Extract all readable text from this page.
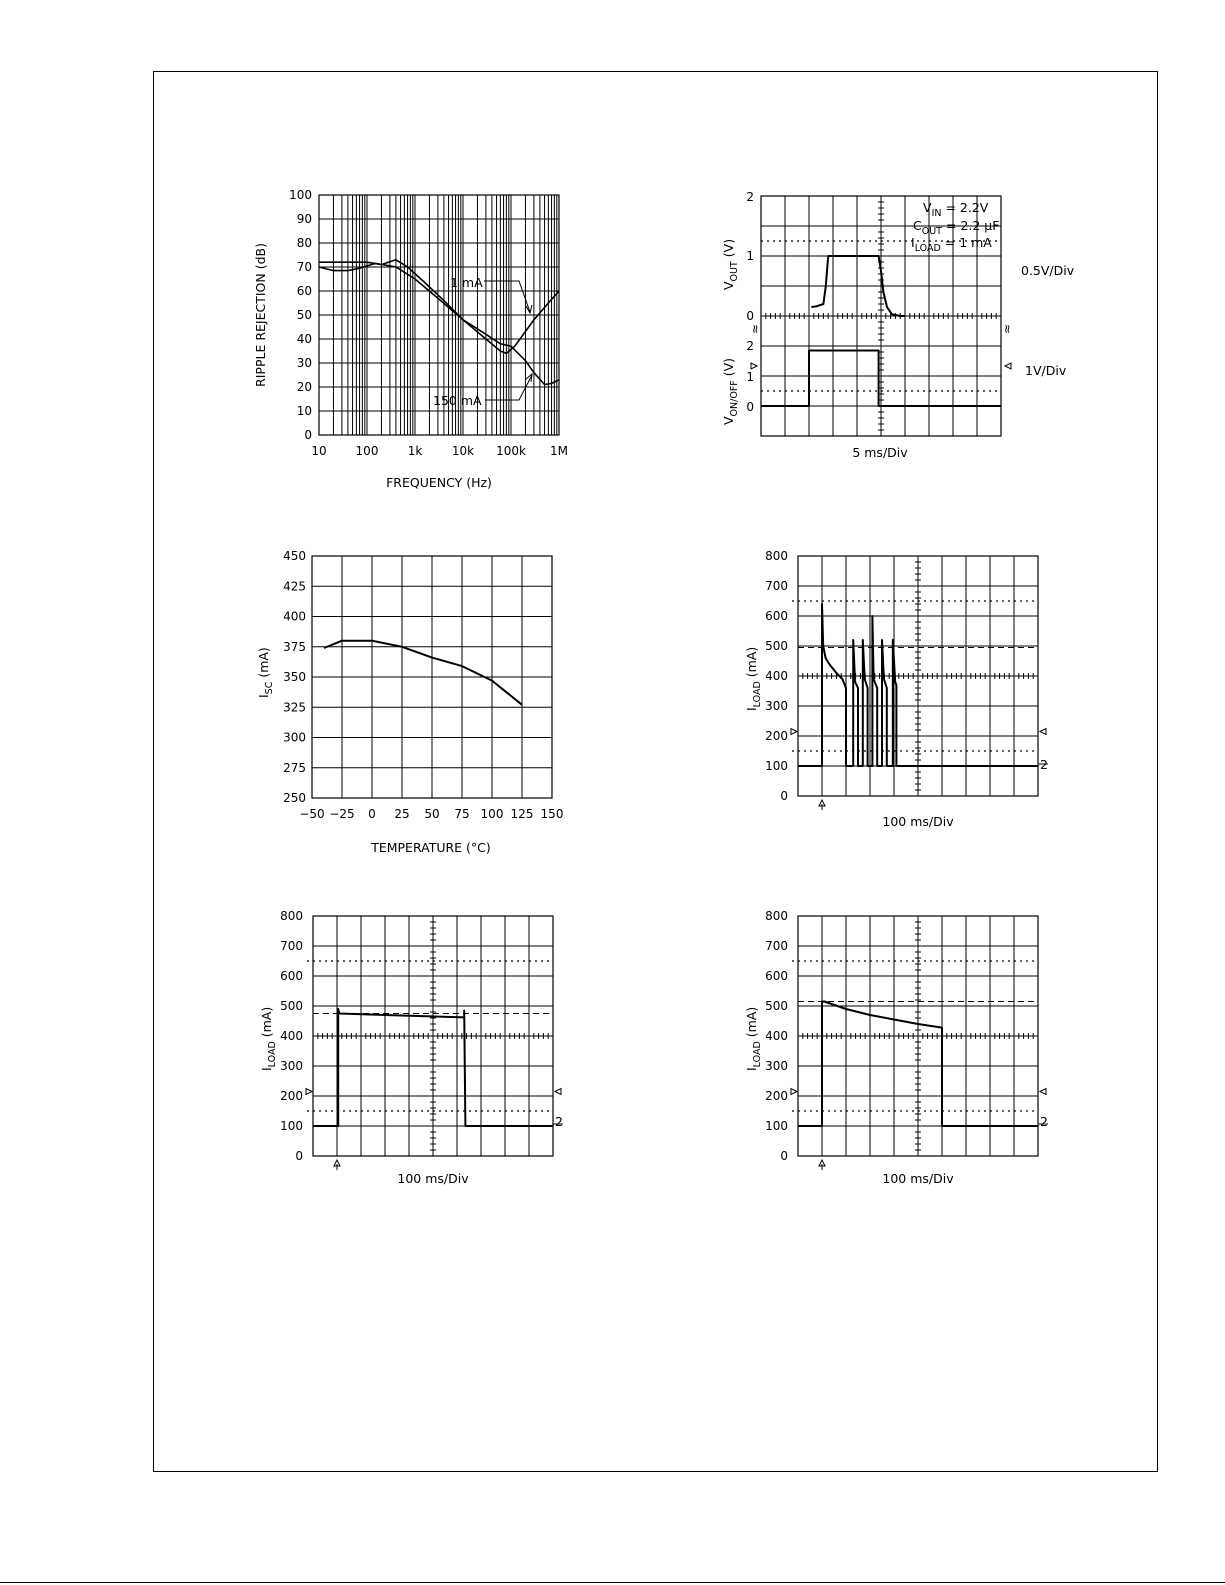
10 100 1k 10k 100k 1M
0
10
20
30
40
50
60
70
80
90
100
FREQUENCY (Hz)
RIPPLE REJECTION (dB)	1 mA
150 mA
≈	≈
2
1
0
2
1
0
0.5V/Div
1V/Div
5 ms/Div
$V_{OUT}$ (V)
$V_{ON/OFF}$ (V)
$V_{IN} = 2.2V$
$C_{OUT} = 2.2$ µF
$I_{LOAD} = 1$ mA
−50 −25 0 25 50 75 100 125 150
250
275
300
325
350
375
400
425
450
TEMPERATURE (°C)
$I_{SC}$ (mA)
0
100
200
300
400
500
600
700
800
100 ms/Div
2
$I_{LOAD}$ (mA)
0
100
200
300
400
500
600
700
800
100 ms/Div
2
$I_{LOAD}$ (mA)
0
100
200
300
400
500
600
700
800
100 ms/Div
2
$I_{LOAD}$ (mA)
